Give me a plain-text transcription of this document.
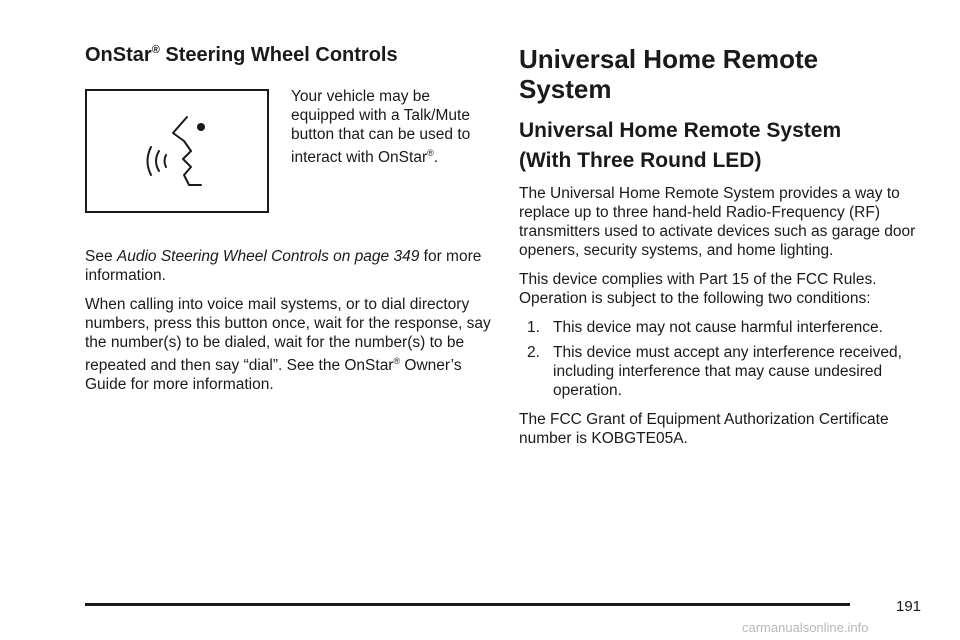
OnStar® Steering Wheel Controls
Your vehicle may be equipped with a Talk/Mute button that can be used to interact with OnStar®.

See Audio Steering Wheel Controls on page 349 for more information.

When calling into voice mail systems, or to dial directory numbers, press this button once, wait for the response, say the number(s) to be dialed, wait for the number(s) to be repeated and then say “dial”. See the OnStar® Owner’s Guide for more information.

Universal Home Remote System
Universal Home Remote System (With Three Round LED)

The Universal Home Remote System provides a way to replace up to three hand-held Radio-Frequency (RF) transmitters used to activate devices such as garage door openers, security systems, and home lighting.

This device complies with Part 15 of the FCC Rules. Operation is subject to the following two conditions:

1. This device may not cause harmful interference.
2. This device must accept any interference received, including interference that may cause undesired operation.

The FCC Grant of Equipment Authorization Certificate number is KOBGTE05A.

191
carmanualsonline.info
